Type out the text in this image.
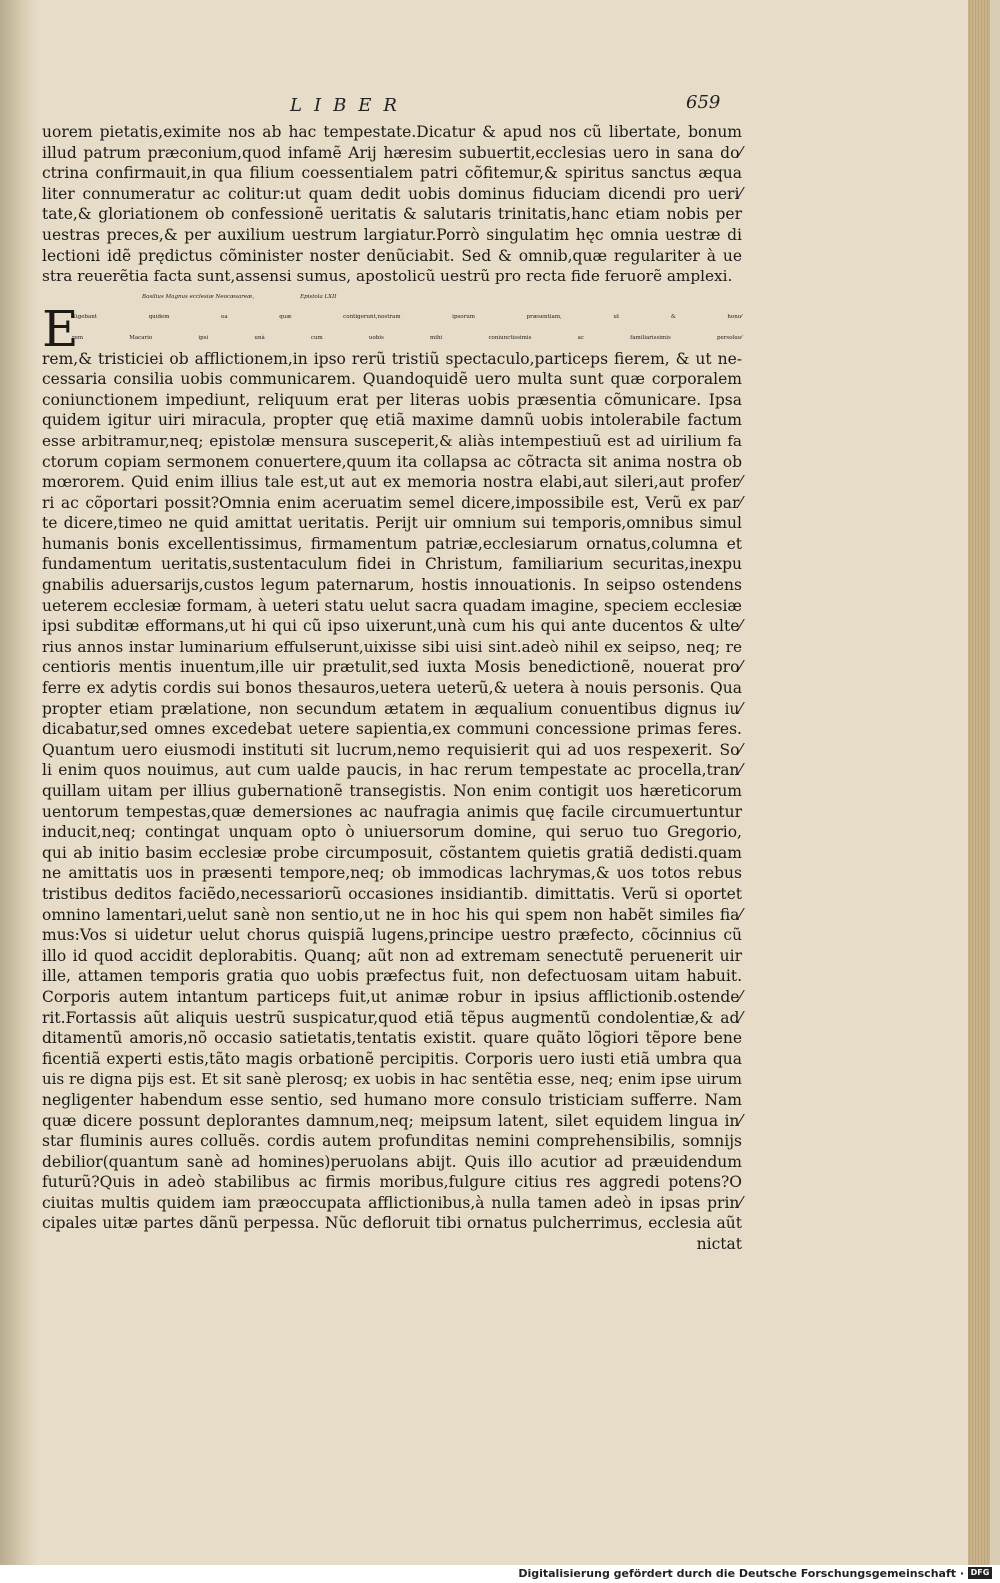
LIBER	659

uorem pietatis,eximite nos ab hac tempestate.Dicatur & apud nos cũ libertate, bonum

illud patrum præconium,quod infamẽ Arij hæresim subuertit,ecclesias uero in sana do⁄

ctrina confirmauit,in qua filium coessentialem patri cõfitemur,& spiritus sanctus æqua

liter connumeratur ac colitur:ut quam dedit uobis dominus fiduciam dicendi pro ueri⁄

tate,& gloriationem ob confessionẽ ueritatis & salutaris trinitatis,hanc etiam nobis per

uestras preces,& per auxilium uestrum largiatur.Porrò singulatim hęc omnia uestræ di

lectioni idẽ prędictus cõminister noster denũciabit. Sed & omnib,quæ regulariter à ue

stra reuerẽtia facta sunt,assensi sumus, apostolicũ uestrũ pro recta fide feruorẽ amplexi.

Basilius Magnus ecclesiæ Neocæsareæ,	Epistola LXII

E

Xigebant quidem ea quæ contigerunt,nostram ipsorum præsentiam, ut & hono⁄

rem Macario ipsi unà cum uobis mihi coniunctissimis ac familiarissimis persolue⁄

rem,& tristiciei ob afflictionem,in ipso rerũ tristiũ spectaculo,particeps fierem, & ut ne-

cessaria consilia uobis communicarem. Quandoquidẽ uero multa sunt quæ corporalem

coniunctionem impediunt, reliquum erat per literas uobis præsentia cõmunicare. Ipsa

quidem igitur uiri miracula, propter quę etiã maxime damnũ uobis intolerabile factum

esse arbitramur,neq; epistolæ mensura susceperit,& aliàs intempestiuũ est ad uirilium fa

ctorum copiam sermonem conuertere,quum ita collapsa ac cõtracta sit anima nostra ob

mœrorem. Quid enim illius tale est,ut aut ex memoria nostra elabi,aut sileri,aut profer⁄

ri ac cõportari possit?Omnia enim aceruatim semel dicere,impossibile est, Verũ ex par⁄

te dicere,timeo ne quid amittat ueritatis. Perijt uir omnium sui temporis,omnibus simul

humanis bonis excellentissimus, firmamentum patriæ,ecclesiarum ornatus,columna et

fundamentum ueritatis,sustentaculum fidei in Christum, familiarium securitas,inexpu

gnabilis aduersarijs,custos legum paternarum, hostis innouationis. In seipso ostendens

ueterem ecclesiæ formam, à ueteri statu uelut sacra quadam imagine, speciem ecclesiæ

ipsi subditæ efformans,ut hi qui cũ ipso uixerunt,unà cum his qui ante ducentos & ulte⁄

rius annos instar luminarium effulserunt,uixisse sibi uisi sint.adeò nihil ex seipso, neq; re

centioris mentis inuentum,ille uir prætulit,sed iuxta Mosis benedictionẽ, nouerat pro⁄

ferre ex adytis cordis sui bonos thesauros,uetera ueterũ,& uetera à nouis personis. Qua

propter etiam prælatione, non secundum ætatem in æqualium conuentibus dignus iu⁄

dicabatur,sed omnes excedebat uetere sapientia,ex communi concessione primas feres.

Quantum uero eiusmodi instituti sit lucrum,nemo requisierit qui ad uos respexerit. So⁄

li enim quos nouimus, aut cum ualde paucis, in hac rerum tempestate ac procella,tran⁄

quillam uitam per illius gubernationẽ transegistis. Non enim contigit uos hæreticorum

uentorum tempestas,quæ demersiones ac naufragia animis quę facile circumuertuntur

inducit,neq; contingat unquam opto ò uniuersorum domine, qui seruo tuo Gregorio,

qui ab initio basim ecclesiæ probe circumposuit, cõstantem quietis gratiã dedisti.quam

ne amittatis uos in præsenti tempore,neq; ob immodicas lachrymas,& uos totos rebus

tristibus deditos faciẽdo,necessariorũ occasiones insidiantib. dimittatis. Verũ si oportet

omnino lamentari,uelut sanè non sentio,ut ne in hoc his qui spem non habẽt similes fia⁄

mus:Vos si uidetur uelut chorus quispiã lugens,principe uestro præfecto, cõcinnius cũ

illo id quod accidit deplorabitis. Quanq; aũt non ad extremam senectutẽ peruenerit uir

ille, attamen temporis gratia quo uobis præfectus fuit, non defectuosam uitam habuit.

Corporis autem intantum particeps fuit,ut animæ robur in ipsius afflictionib.ostende⁄

rit.Fortassis aũt aliquis uestrũ suspicatur,quod etiã tẽpus augmentũ condolentiæ,& ad⁄

ditamentũ amoris,nõ occasio satietatis,tentatis existit. quare quãto lõgiori tẽpore bene

ficentiã experti estis,tãto magis orbationẽ percipitis. Corporis uero iusti etiã umbra qua

uis re digna pijs est. Et sit sanè plerosq; ex uobis in hac sentẽtia esse, neq; enim ipse uirum

negligenter habendum esse sentio, sed humano more consulo tristiciam sufferre. Nam

quæ dicere possunt deplorantes damnum,neq; meipsum latent, silet equidem lingua in⁄

star fluminis aures colluẽs. cordis autem profunditas nemini comprehensibilis, somnijs

debilior(quantum sanè ad homines)peruolans abijt. Quis illo acutior ad præuidendum

futurũ?Quis in adeò stabilibus ac firmis moribus,fulgure citius res aggredi potens?O

ciuitas multis quidem iam præoccupata afflictionibus,à nulla tamen adeò in ipsas prin⁄

cipales uitæ partes dãnũ perpessa. Nũc defloruit tibi ornatus pulcherrimus, ecclesia aũt

nictat

Digitalisierung gefördert durch die Deutsche Forschungsgemeinschaft · DFG
